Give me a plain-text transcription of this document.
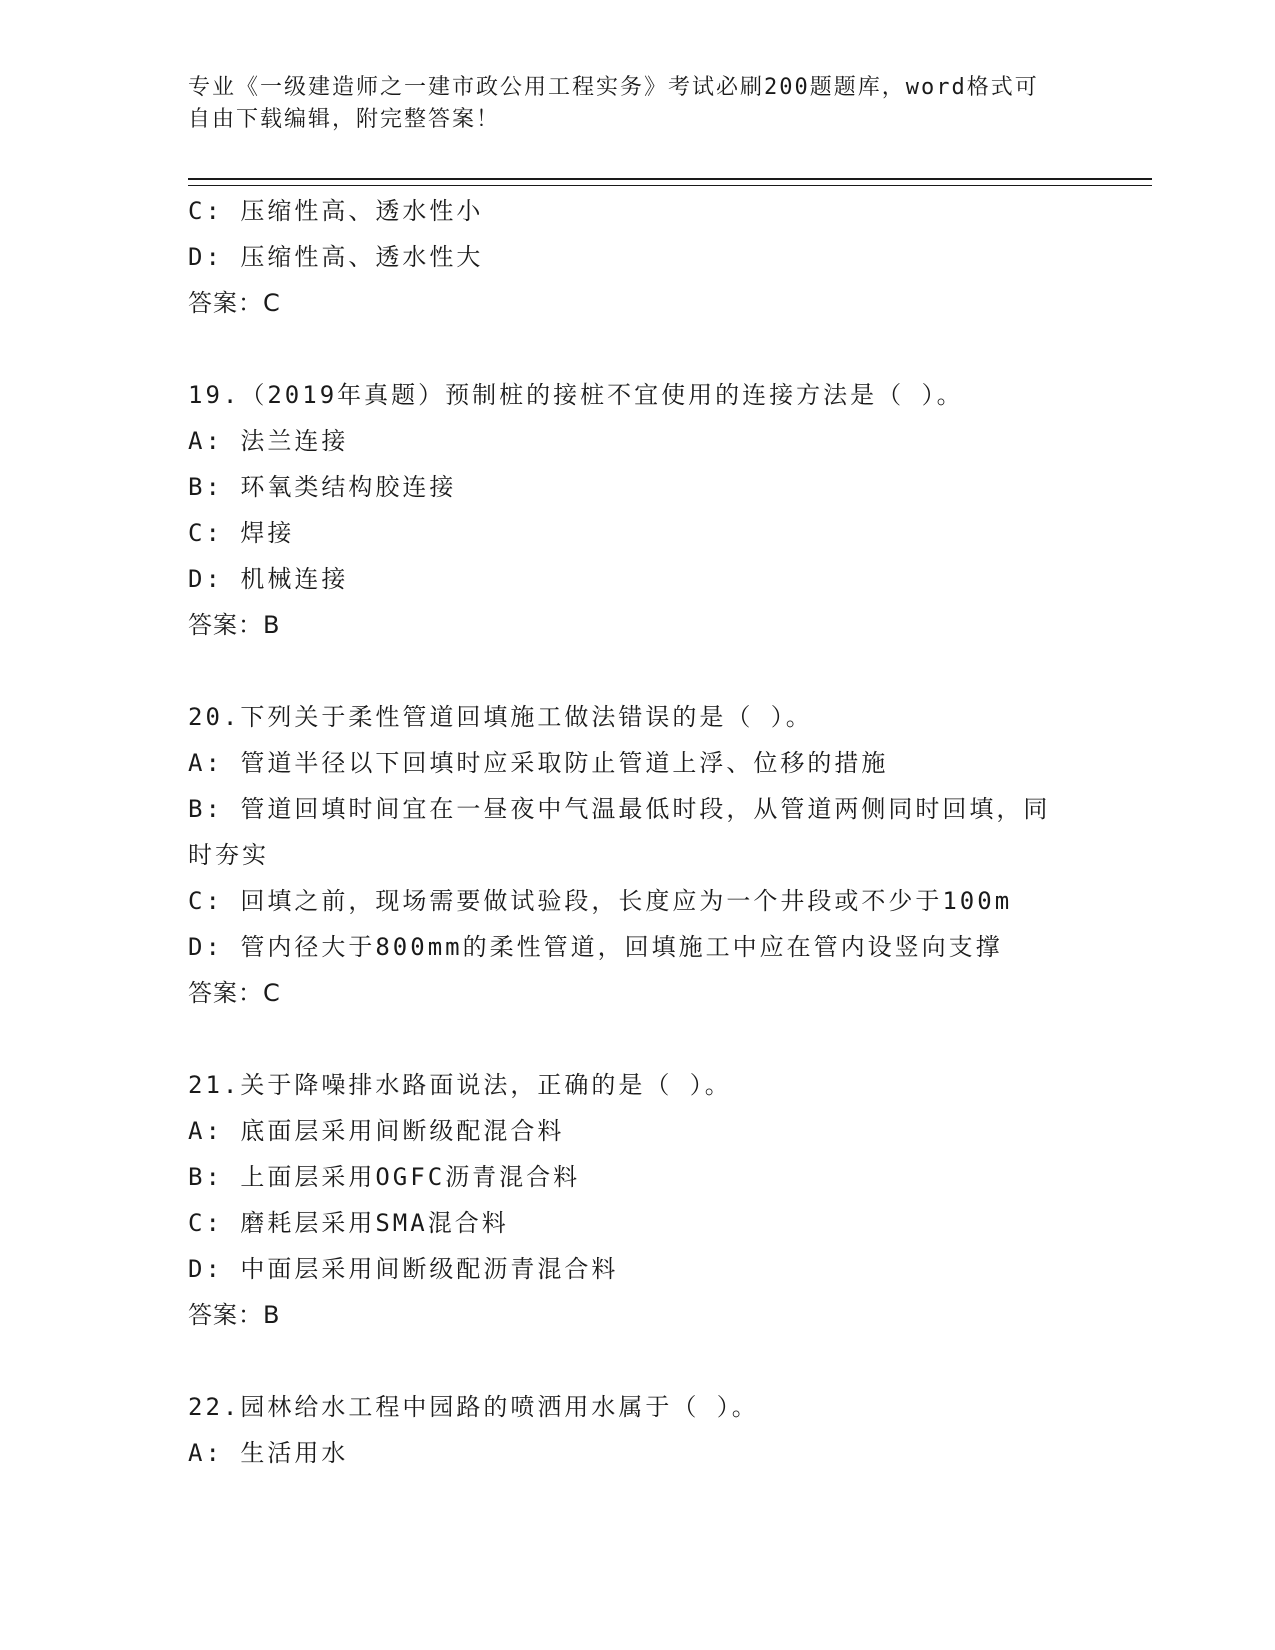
专业《一级建造师之一建市政公用工程实务》考试必刷200题题库，word格式可
自由下载编辑，附完整答案！
C: 压缩性高、透水性小
D: 压缩性高、透水性大
答案：C
19.（2019年真题）预制桩的接桩不宜使用的连接方法是（ ）。
A: 法兰连接
B: 环氧类结构胶连接
C: 焊接
D: 机械连接
答案：B
20.下列关于柔性管道回填施工做法错误的是（ ）。
A: 管道半径以下回填时应采取防止管道上浮、位移的措施
B: 管道回填时间宜在一昼夜中气温最低时段，从管道两侧同时回填，同时夯实
C: 回填之前，现场需要做试验段，长度应为一个井段或不少于100m
D: 管内径大于800mm的柔性管道，回填施工中应在管内设竖向支撑
答案：C
21.关于降噪排水路面说法，正确的是（ ）。
A: 底面层采用间断级配混合料
B: 上面层采用OGFC沥青混合料
C: 磨耗层采用SMA混合料
D: 中面层采用间断级配沥青混合料
答案：B
22.园林给水工程中园路的喷洒用水属于（ ）。
A: 生活用水
